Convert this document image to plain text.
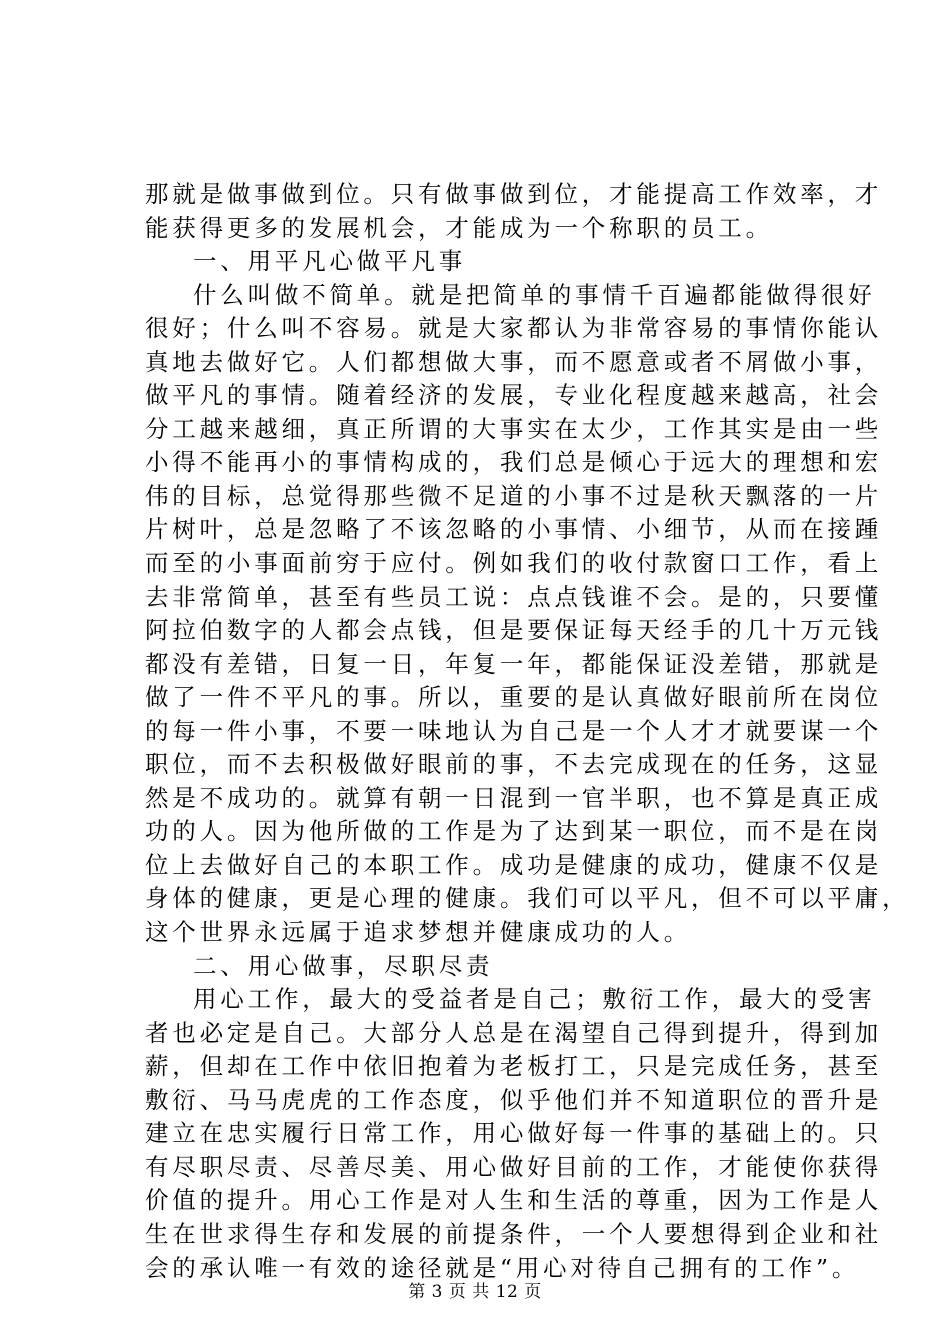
那就是做事做到位。只有做事做到位，才能提高工作效率，才
能获得更多的发展机会，才能成为一个称职的员工。
一、用平凡心做平凡事
什么叫做不简单。就是把简单的事情千百遍都能做得很好
很好；什么叫不容易。就是大家都认为非常容易的事情你能认
真地去做好它。人们都想做大事，而不愿意或者不屑做小事，
做平凡的事情。随着经济的发展，专业化程度越来越高，社会
分工越来越细，真正所谓的大事实在太少，工作其实是由一些
小得不能再小的事情构成的，我们总是倾心于远大的理想和宏
伟的目标，总觉得那些微不足道的小事不过是秋天飘落的一片
片树叶，总是忽略了不该忽略的小事情、小细节，从而在接踵
而至的小事面前穷于应付。例如我们的收付款窗口工作，看上
去非常简单，甚至有些员工说：点点钱谁不会。是的，只要懂
阿拉伯数字的人都会点钱，但是要保证每天经手的几十万元钱
都没有差错，日复一日，年复一年，都能保证没差错，那就是
做了一件不平凡的事。所以，重要的是认真做好眼前所在岗位
的每一件小事，不要一味地认为自己是一个人才才就要谋一个
职位，而不去积极做好眼前的事，不去完成现在的任务，这显
然是不成功的。就算有朝一日混到一官半职，也不算是真正成
功的人。因为他所做的工作是为了达到某一职位，而不是在岗
位上去做好自己的本职工作。成功是健康的成功，健康不仅是
身体的健康，更是心理的健康。我们可以平凡，但不可以平庸，
这个世界永远属于追求梦想并健康成功的人。
二、用心做事，尽职尽责
用心工作，最大的受益者是自己；敷衍工作，最大的受害
者也必定是自己。大部分人总是在渴望自己得到提升，得到加
薪，但却在工作中依旧抱着为老板打工，只是完成任务，甚至
敷衍、马马虎虎的工作态度，似乎他们并不知道职位的晋升是
建立在忠实履行日常工作，用心做好每一件事的基础上的。只
有尽职尽责、尽善尽美、用心做好目前的工作，才能使你获得
价值的提升。用心工作是对人生和生活的尊重，因为工作是人
生在世求得生存和发展的前提条件，一个人要想得到企业和社
会的承认唯一有效的途径就是“用心对待自己拥有的工作”。
第 3 页 共 12 页
